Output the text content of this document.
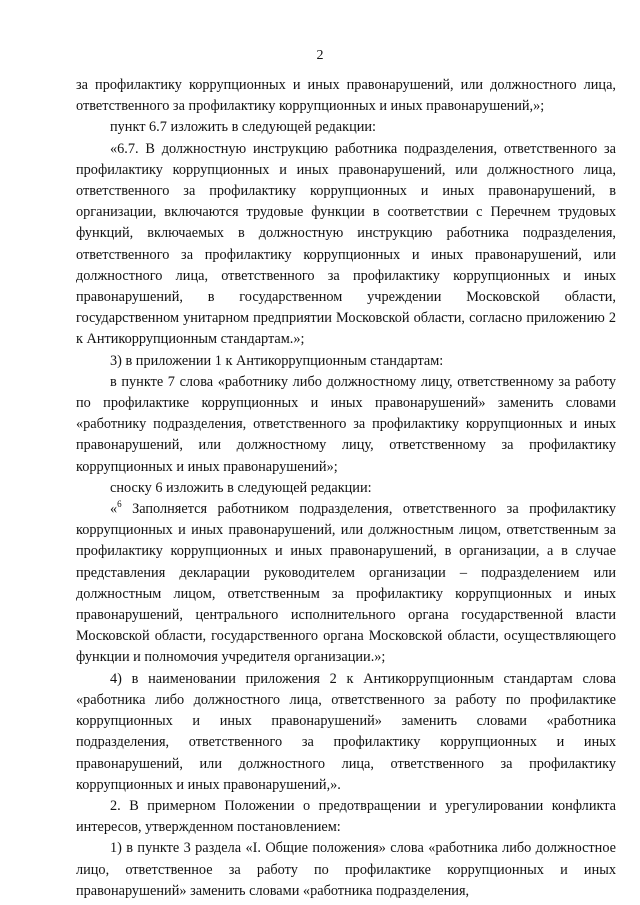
2

за профилактику коррупционных и иных правонарушений, или должностного лица, ответственного за профилактику коррупционных и иных правонарушений,»;

пункт 6.7 изложить в следующей редакции:

«6.7. В должностную инструкцию работника подразделения, ответственного за профилактику коррупционных и иных правонарушений, или должностного лица, ответственного за профилактику коррупционных и иных правонарушений, в организации, включаются трудовые функции в соответствии с Перечнем трудовых функций, включаемых в должностную инструкцию работника подразделения, ответственного за профилактику коррупционных и иных правонарушений, или должностного лица, ответственного за профилактику коррупционных и иных правонарушений, в государственном учреждении Московской области, государственном унитарном предприятии Московской области, согласно приложению 2 к Антикоррупционным стандартам.»;

3) в приложении 1 к Антикоррупционным стандартам:

в пункте 7 слова «работнику либо должностному лицу, ответственному за работу по профилактике коррупционных и иных правонарушений» заменить словами «работнику подразделения, ответственного за профилактику коррупционных и иных правонарушений, или должностному лицу, ответственному за профилактику коррупционных и иных правонарушений»;

сноску 6 изложить в следующей редакции:

«$^6$ Заполняется работником подразделения, ответственного за профилактику коррупционных и иных правонарушений, или должностным лицом, ответственным за профилактику коррупционных и иных правонарушений, в организации, а в случае представления декларации руководителем организации – подразделением или должностным лицом, ответственным за профилактику коррупционных и иных правонарушений, центрального исполнительного органа государственной власти Московской области, государственного органа Московской области, осуществляющего функции и полномочия учредителя организации.»;

4) в наименовании приложения 2 к Антикоррупционным стандартам слова «работника либо должностного лица, ответственного за работу по профилактике коррупционных и иных правонарушений» заменить словами «работника подразделения, ответственного за профилактику коррупционных и иных правонарушений, или должностного лица, ответственного за профилактику коррупционных и иных правонарушений,».

2. В примерном Положении о предотвращении и урегулировании конфликта интересов, утвержденном постановлением:

1) в пункте 3 раздела «I. Общие положения» слова «работника либо должностное лицо, ответственное за работу по профилактике коррупционных и иных правонарушений» заменить словами «работника подразделения,
